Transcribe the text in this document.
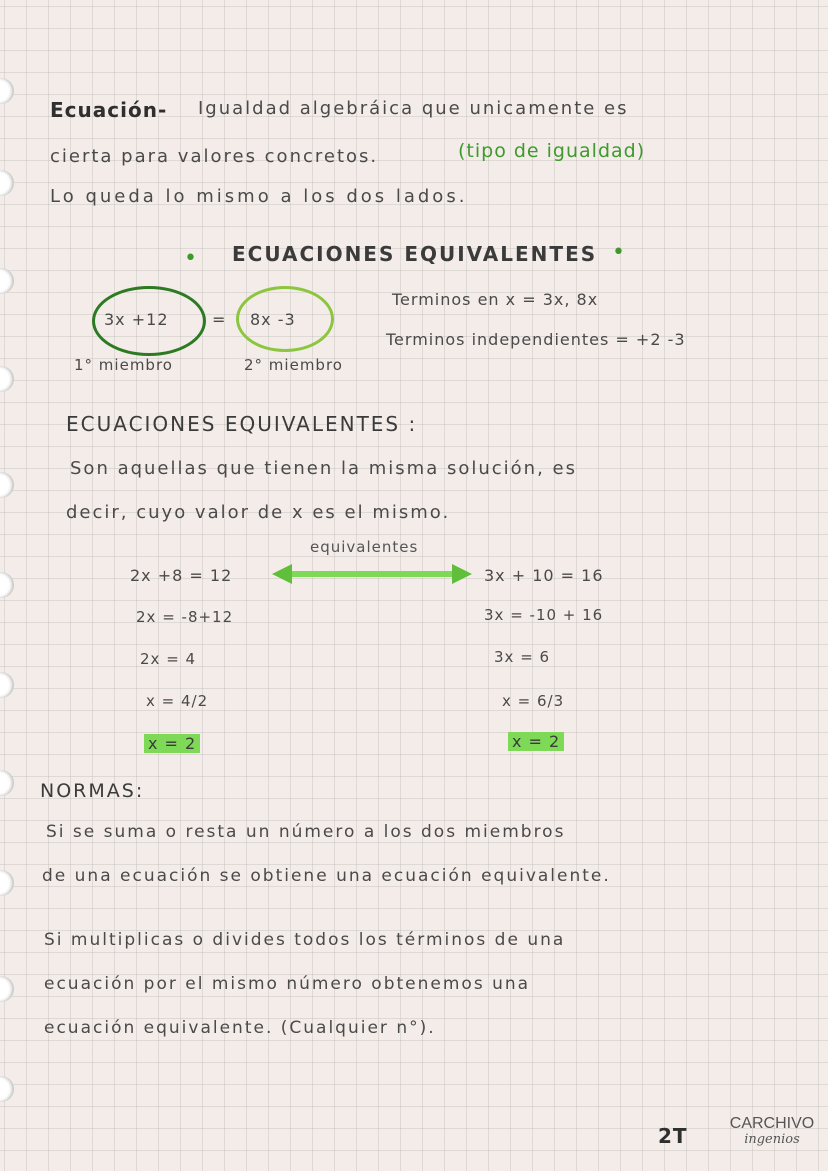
Ecuación- Igualdad algebráica que unicamente es
cierta para valores concretos.	(tipo de igualdad)
Lo queda lo mismo a los dos lados.
• ECUACIONES EQUIVALENTES •
3x +12	= 8x -3
1° miembro	2° miembro
Terminos en x = 3x, 8x
Terminos independientes = +2 -3
ECUACIONES EQUIVALENTES :
Son aquellas que tienen la misma solución, es
decir, cuyo valor de x es el mismo.
equivalentes
2x +8 = 12
2x = -8+12
2x = 4
x = 4/2
x = 2
3x + 10 = 16
3x = -10 + 16
3x = 6
x = 6/3
x = 2
NORMAS:
Si se suma o resta un número a los dos miembros
de una ecuación se obtiene una ecuación equivalente.
Si multiplicas o divides todos los términos de una
ecuación por el mismo número obtenemos una
ecuación equivalente. (Cualquier n°).
2T
CARCHIVO
ingenios
